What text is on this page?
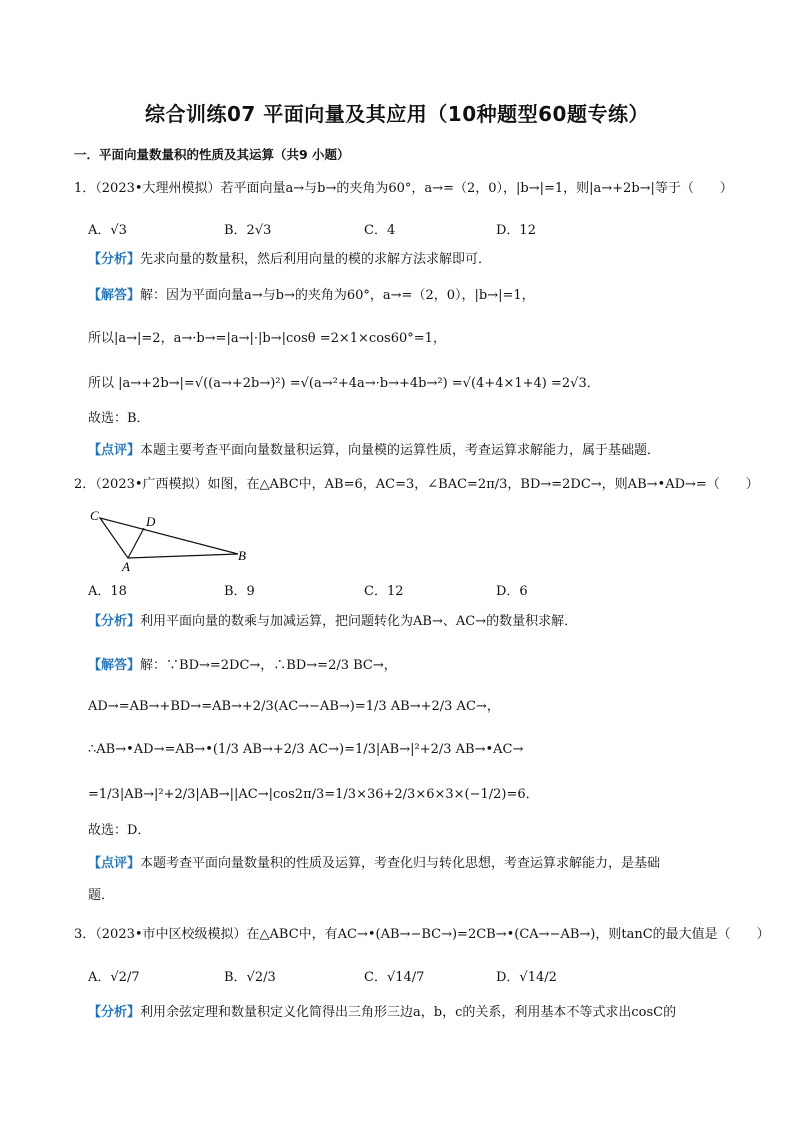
综合训练07 平面向量及其应用（10种题型60题专练）
一．平面向量数量积的性质及其运算（共9 小题）
1．（2023•大理州模拟）若平面向量a→与b→的夹角为60°，a→=（2，0），|b→|=1，则|a→+2b→|等于（　　）
A．√3	B．2√3	C．4	D．12
【分析】先求向量的数量积，然后利用向量的模的求解方法求解即可．
【解答】解：因为平面向量a→与b→的夹角为60°，a→=（2，0），|b→|=1，
所以|a→|=2，a→·b→=|a→|·|b→|cosθ =2×1×cos60°=1，
所以 |a→+2b→|=√((a→+2b→)²) =√(a→²+4a→·b→+4b→²) =√(4+4×1+4) =2√3．
故选：B．
【点评】本题主要考查平面向量数量积运算，向量模的运算性质，考查运算求解能力，属于基础题．
2．（2023•广西模拟）如图，在△ABC中，AB=6，AC=3，∠BAC=2π/3，BD→=2DC→，则AB→•AD→=（　　）
C	D
A
B
A．18	B．9	C．12	D．6
【分析】利用平面向量的数乘与加减运算，把问题转化为AB→、AC→的数量积求解．
【解答】解：∵BD→=2DC→，∴BD→=2/3 BC→，
AD→=AB→+BD→=AB→+2/3(AC→−AB→)=1/3 AB→+2/3 AC→，
∴AB→•AD→=AB→•(1/3 AB→+2/3 AC→)=1/3|AB→|²+2/3 AB→•AC→
=1/3|AB→|²+2/3|AB→||AC→|cos2π/3=1/3×36+2/3×6×3×(−1/2)=6．
故选：D．
【点评】本题考查平面向量数量积的性质及运算，考查化归与转化思想，考查运算求解能力，是基础
题．
3．（2023•市中区校级模拟）在△ABC中，有AC→•(AB→−BC→)=2CB→•(CA→−AB→)，则tanC的最大值是（　　）
A．√2/7	B．√2/3	C．√14/7	D．√14/2
【分析】利用余弦定理和数量积定义化简得出三角形三边a，b，c的关系，利用基本不等式求出cosC的
